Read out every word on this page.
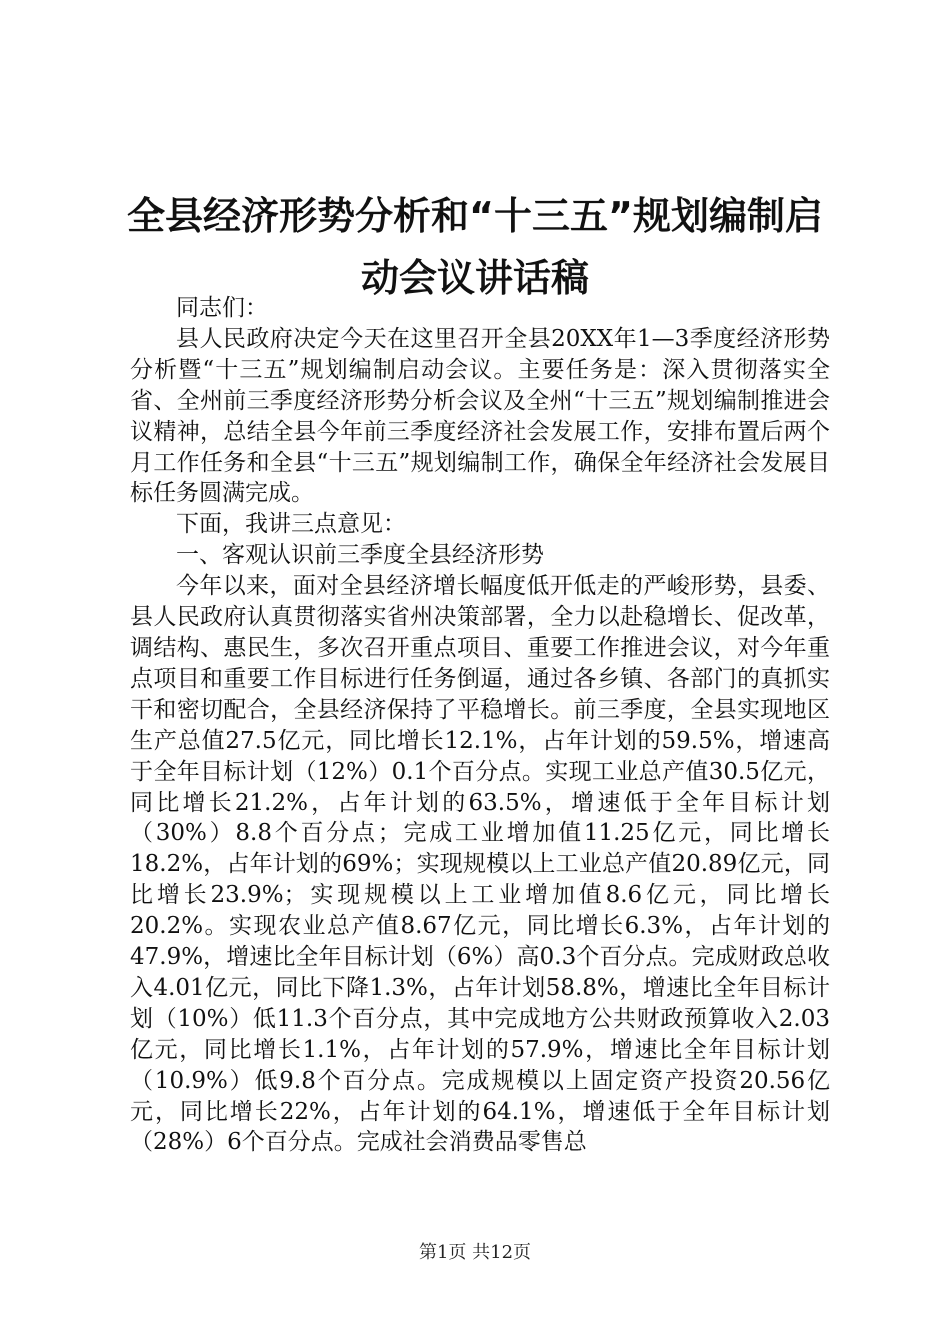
全县经济形势分析和“十三五”规划编制启动会议讲话稿

同志们：

县人民政府决定今天在这里召开全县20XX年1—3季度经济形势分析暨“十三五”规划编制启动会议。主要任务是：深入贯彻落实全省、全州前三季度经济形势分析会议及全州“十三五”规划编制推进会议精神，总结全县今年前三季度经济社会发展工作，安排布置后两个月工作任务和全县“十三五”规划编制工作，确保全年经济社会发展目标任务圆满完成。

下面，我讲三点意见：

一、客观认识前三季度全县经济形势

今年以来，面对全县经济增长幅度低开低走的严峻形势，县委、县人民政府认真贯彻落实省州决策部署，全力以赴稳增长、促改革，调结构、惠民生，多次召开重点项目、重要工作推进会议，对今年重点项目和重要工作目标进行任务倒逼，通过各乡镇、各部门的真抓实干和密切配合，全县经济保持了平稳增长。前三季度，全县实现地区生产总值27.5亿元，同比增长12.1%，占年计划的59.5%，增速高于全年目标计划（12%）0.1个百分点。实现工业总产值30.5亿元，同比增长21.2%，占年计划的63.5%，增速低于全年目标计划（30%）8.8个百分点；完成工业增加值11.25亿元，同比增长18.2%，占年计划的69%；实现规模以上工业总产值20.89亿元，同比增长23.9%；实现规模以上工业增加值8.6亿元，同比增长20.2%。实现农业总产值8.67亿元，同比增长6.3%，占年计划的47.9%，增速比全年目标计划（6%）高0.3个百分点。完成财政总收入4.01亿元，同比下降1.3%，占年计划58.8%，增速比全年目标计划（10%）低11.3个百分点，其中完成地方公共财政预算收入2.03亿元，同比增长1.1%，占年计划的57.9%，增速比全年目标计划（10.9%）低9.8个百分点。完成规模以上固定资产投资20.56亿元，同比增长22%，占年计划的64.1%，增速低于全年目标计划（28%）6个百分点。完成社会消费品零售总

第1页 共12页
